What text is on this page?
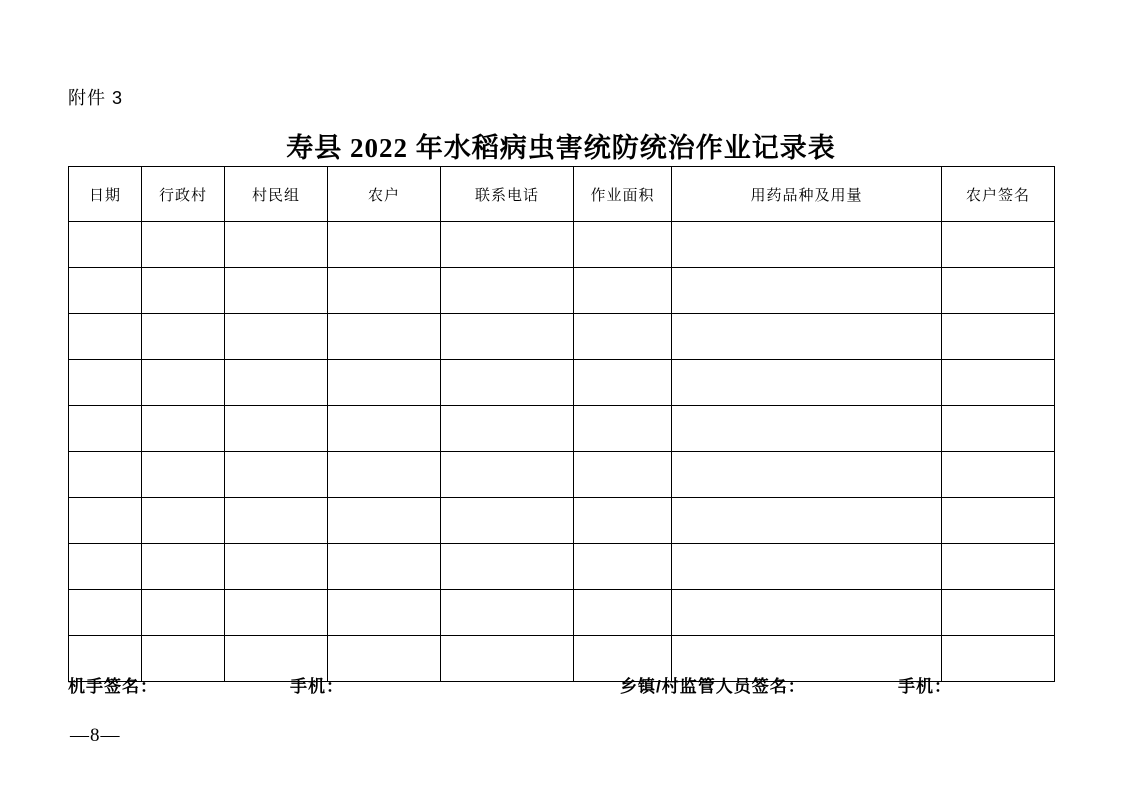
附件 3
寿县 2022 年水稻病虫害统防统治作业记录表
日期	行政村	村民组	农户	联系电话	作业面积	用药品种及用量	农户签名

机手签名：	手机：	乡镇/村监管人员签名：	手机：
—8—
